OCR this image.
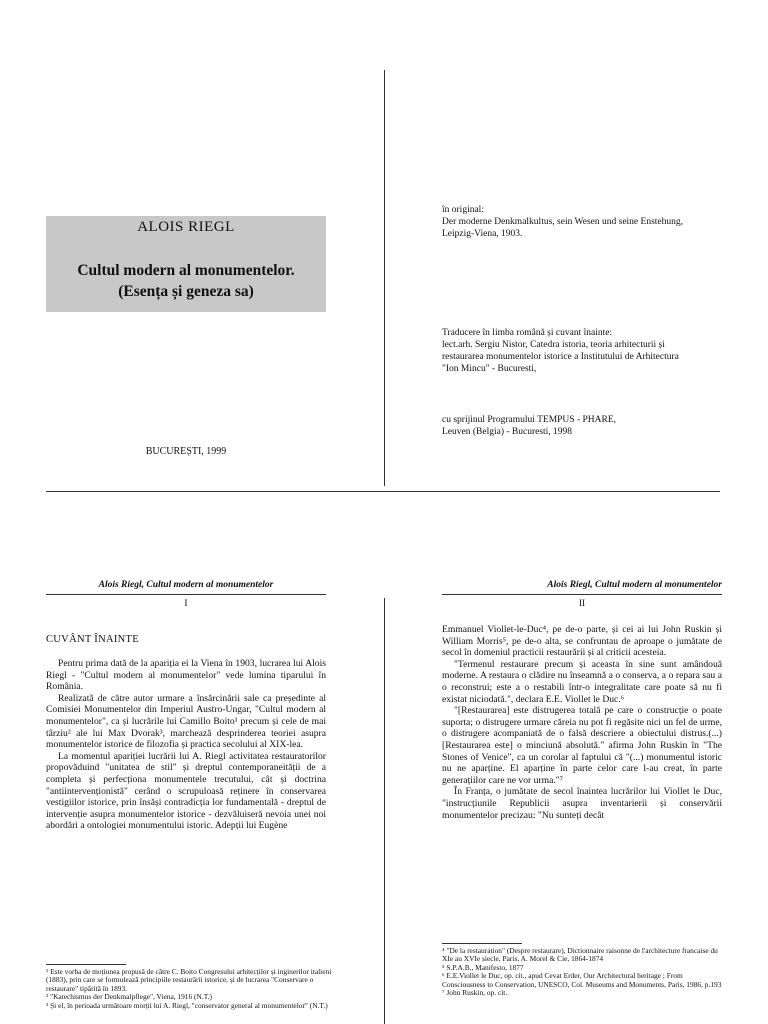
ALOIS RIEGL
Cultul modern al monumentelor.
(Esența și geneza sa)
BUCUREȘTI, 1999
în original:
Der moderne Denkmalkultus, sein Wesen und seine Enstehung,
Leipzig-Viena, 1903.
Traducere în limba română și cuvant înainte:
lect.arh. Sergiu Nistor, Catedra istoria, teoria arhitecturii și
restaurarea monumentelor istorice a Institutului de Arhitectura
"Ion Mincu" - Bucuresti,
cu sprijinul Programului TEMPUS - PHARE,
Leuven (Belgia) - Bucuresti, 1998
Alois Riegl, Cultul modern al monumentelor
I
Alois Riegl, Cultul modern al monumentelor
II
CUVÂNT ÎNAINTE

Pentru prima dată de la apariția ei la Viena în 1903, lucrarea lui Alois Riegl - "Cultul modern al monumentelor" vede lumina tiparului în România.

Realizată de către autor urmare a însărcinării sale ca președinte al Comisiei Monumentelor din Imperiul Austro-Ungar, "Cultul modern al monumentelor", ca și lucrările lui Camillo Boito¹ precum și cele de mai târziu² ale lui Max Dvorak³, marchează desprinderea teoriei asupra monumentelor istorice de filozofia și practica secolului al XIX-lea.

La momentul apariției lucrării lui A. Riegl activitatea restauratorilor propovăduind "unitatea de stil" și dreptul contemporaneității de a completa și perfecționa monumentele trecutului, cât și doctrina "antiintervenționistă" cerând o scrupuloasă reținere în conservarea vestigiilor istorice, prin însăși contradicția lor fundamentală - dreptul de intervenție asupra monumentelor istorice - dezvăluiseră nevoia unei noi abordări a ontologiei monumentului istoric. Adepții lui Eugène

Emmanuel Viollet-le-Duc⁴, pe de-o parte, și cei ai lui John Ruskin și William Morris⁵, pe de-o alta, se confruntau de aproape o jumătate de secol în domeniul practicii restaurării și al criticii acesteia.

"Termenul restaurare precum și aceasta în sine sunt amândouă moderne. A restaura o clădire nu înseamnă a o conserva, a o repara sau a o reconstrui; este a o restabili într-o integralitate care poate să nu fi existat niciodată.", declara E.E. Viollet le Duc.⁶

"[Restaurarea] este distrugerea totală pe care o construcție o poate suporta; o distrugere urmare căreia nu pot fi regăsite nici un fel de urme, o distrugere acompaniată de o falsă descriere a obiectului distrus.(...) [Restaurarea este] o minciună absolută." afirma John Ruskin în "The Stones of Venice", ca un corolar al faptului că "(...) monumentul istoric nu ne aparține. El aparține în parte celor care l-au creat, în parte generațiilor care ne vor urma."⁷

În Franța, o jumătate de secol înaintea lucrărilor lui Viollet le Duc, "instrucțiunile Republicii asupra inventarierii și conservării monumentelor precizau: "Nu sunteți decât

¹ Este vorba de moțiunea propusă de către C. Boito Congresului arhitecților și inginerilor italieni (1883), prin care se formulează principiile restaurării istorice, și de lucrarea "Conservare o restaurare" tipărită în 1893.
² "Katechismus der Denkmalpflege", Viena, 1916 (N.T.)
³ Și el, în perioada următoare morții lui A. Riegl, "conservator general al monumentelor" (N.T.)
⁴ "De la restauration" (Despre restaurare), Dictionnaire raisonne de l'architecture francaise du XIe au XVIe siecle, Paris, A. Morel & Cie, 1864-1874
⁵ S.P.A.B., Manifesto, 1877
⁶ E.E.Viollet le Duc, op. cit., apud Cevat Erder, Our Architectural heritage ; From Consciousness to Conservation, UNESCO, Col. Museums and Monuments, Paris, 1986, p.193
⁷ John Ruskin, op. cit.
